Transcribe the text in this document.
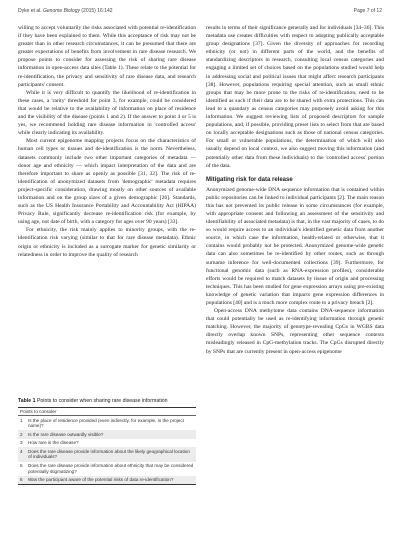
Dyke et al. Genome Biology (2015) 16:142	Page 7 of 12

willing to accept voluntarily the risks associated with potential re-identification if they have been explained to them. While this acceptance of risk may not be greater than in other research circumstances, it can be presumed that there are greater expectations of benefits from involvement in rare disease research. We propose points to consider for assessing the risk of sharing rare disease information in open-access data sites (Table 1). These relate to the potential for re-identification, the privacy and sensitivity of rare disease data, and research participants' consent.

While it is very difficult to quantify the likelihood of re-identification in these cases, a 'rarity' threshold for point 3, for example, could be considered that would be relative to the availability of information on place of residence and the visibility of the disease (points 1 and 2). If the answer to point 4 or 5 is yes, we recommend holding rare disease information in 'controlled access' while clearly indicating its availability.

Most current epigenome mapping projects focus on the characteristics of human cell types or tissues and de-identification is the norm. Nevertheless, datasets commonly include two other important categories of metadata — donor age and ethnicity — which impact interpretation of the data and are therefore important to share as openly as possible [31, 32]. The risk of re-identification of anonymized datasets from 'demographic' metadata requires project-specific consideration, drawing mostly on other sources of available information and on the group sizes of a given demographic [26]. Standards, such as the US Health Insurance Portability and Accountability Act (HIPAA) Privacy Rule, significantly decrease re-identification risk (for example, by using age, not date of birth, with a category for ages over 90 years) [33].

For ethnicity, the risk mainly applies to minority groups, with the re-identification risk varying (similar to that for rare disease metadata). Ethnic origin or ethnicity is included as a surrogate marker for genetic similarity or relatedness in order to improve the quality of research

Table 1 Points to consider when sharing rare disease information
Points to consider
1	Is the place of residence provided (even indirectly, for example, in the project name)?
2	Is the rare disease outwardly visible?
3	How rare is the disease?
4	Does the rare disease provide information about the likely geographical location of individuals?
5	Does the rare disease provide information about ethnicity that may be considered potentially stigmatizing?
6	Was the participant aware of the potential risks of data re-identification?

results in terms of their significance generally and for individuals [34–36]. This metadata use creates difficulties with respect to adopting publically acceptable group designations [37]. Given the diversity of approaches for recording ethnicity (or not) in different parts of the world, and the benefits of standardizing descriptors in research, consulting local census categories and engaging a limited set of choices based on the populations studied would help in addressing social and political issues that might affect research participants [38]. However, populations requiring special attention, such as small ethnic groups that may be more prone to the risks of re-identification, need to be identified as such if their data are to be shared with extra protections. This can lead to a quandary as census categories may purposely avoid asking for this information. We suggest reviewing lists of proposed descriptors for sample populations, and, if possible, providing preset lists to select from that are based on locally acceptable designations such as those of national census categories. For small or vulnerable populations, the determination of which will also usually depend on local context, we also suggest moving this information (and potentially other data from these individuals) to the 'controlled access' portion of the data.

Mitigating risk for data release

Anonymized genome-wide DNA sequence information that is contained within public repositories can be linked to individual participants [2]. The main reason this has not prevented its public release in some circumstances (for example, with appropriate consent and following an assessment of the sensitivity and identifiability of associated metadata) is that, in the vast majority of cases, to do so would require access to an individual's identified genetic data from another source, in which case the information, health-related or otherwise, that it contains would probably not be protected. Anonymized genome-wide genetic data can also sometimes be re-identified by other routes, such as through surname inference for well-documented collections [39]. Furthermore, for functional genomic data (such as RNA-expression profiles), considerable efforts would be required to match datasets by tissue of origin and processing techniques. This has been studied for gene expression arrays using pre-existing knowledge of genetic variation that impacts gene expression differences in populations [40] and is a much more complex route to a privacy breach [2].

Open-access DNA methylome data contains DNA-sequence information that could potentially be used as re-identifying information through genetic matching. However, the majority of genotype-revealing CpGs in WGBS data directly overlap known SNPs, representing other sequence contexts misleadingly released in CpG-methylation tracks. The CpGs disrupted directly by SNPs that are currently present in open-access epigenome
